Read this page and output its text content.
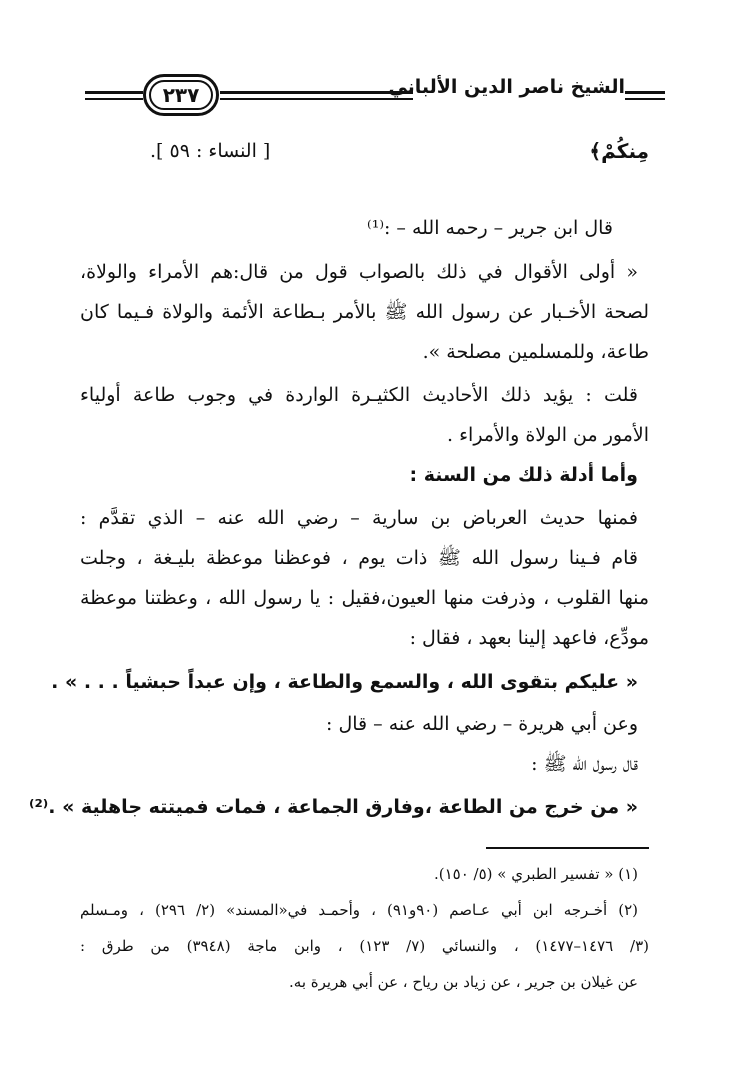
٢٣٧	الشيخ ناصر الدين الألباني
مِنكُمْ﴾
[ النساء : ٥٩ ].
قال ابن جرير – رحمه الله – :⁽¹⁾
« أولى الأقوال في ذلك بالصواب قول من قال:هم الأمراء والولاة،
لصحة الأخـبار عن رسول الله ﷺ بالأمر بـطاعة الأئمة والولاة فـيما كان
طاعة، وللمسلمين مصلحة ».
قلت : يؤيد ذلك الأحاديث الكثيـرة الواردة في وجوب طاعة أولياء
الأمور من الولاة والأمراء .
وأما أدلة ذلك من السنة :
فمنها حديث العرباض بن سارية – رضي الله عنه – الذي تقدَّم :
قام فـينا رسول الله ﷺ ذات يوم ، فوعظنا موعظة بليـغة ، وجلت
منها القلوب ، وذرفت منها العيون،فقيل : يا رسول الله ، وعظتنا موعظة
مودِّع، فاعهد إلينا بعهد ، فقال :
« عليكم بتقوى الله ، والسمع والطاعة ، وإن عبداً حبشياً . . . » .
وعن أبي هريرة – رضي الله عنه – قال :
قال رسول الله ﷺ :
« من خرج من الطاعة ،وفارق الجماعة ، فمات فميتته جاهلية » .⁽²⁾
(١) « تفسير الطبري » (٥/ ١٥٠).
(٢) أخـرجه ابن أبي عـاصم (٩٠و٩١) ، وأحمـد في«المسند» (٢/ ٢٩٦) ، ومـسلم
(٣/ ١٤٧٦–١٤٧٧) ، والنسائي (٧/ ١٢٣) ، وابن ماجة (٣٩٤٨) من طرق :
عن غيلان بن جرير ، عن زياد بن رياح ، عن أبي هريرة به.
